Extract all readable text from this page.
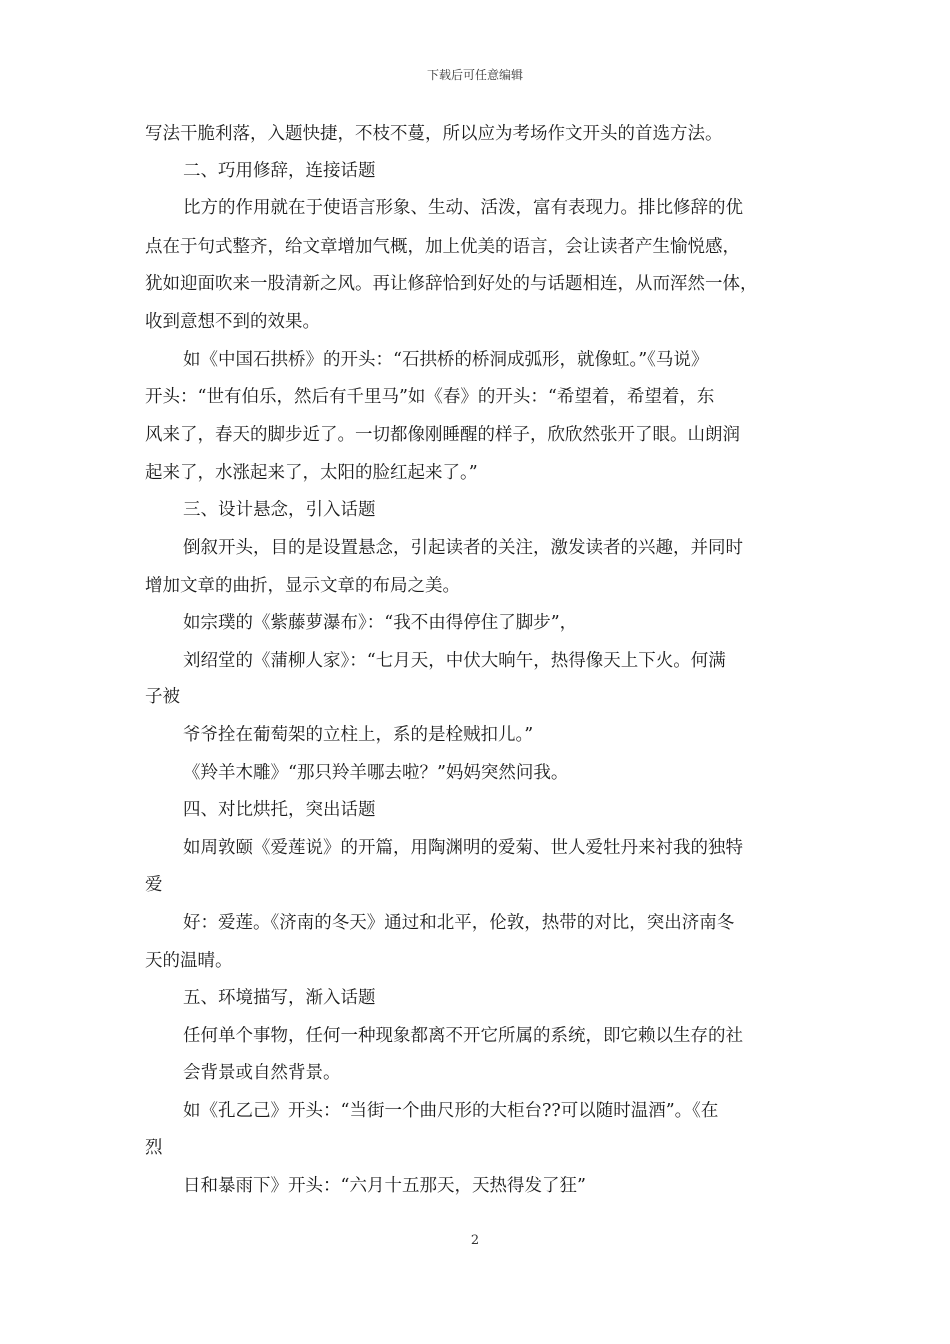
下载后可任意编辑
写法干脆利落，入题快捷，不枝不蔓，所以应为考场作文开头的首选方法。
二、巧用修辞，连接话题
比方的作用就在于使语言形象、生动、活泼，富有表现力。排比修辞的优
点在于句式整齐，给文章增加气概，加上优美的语言，会让读者产生愉悦感，
犹如迎面吹来一股清新之风。再让修辞恰到好处的与话题相连，从而浑然一体，
收到意想不到的效果。
如《中国石拱桥》的开头：“石拱桥的桥洞成弧形，就像虹。”《马说》
开头：“世有伯乐，然后有千里马”如《春》的开头：“希望着，希望着，东
风来了，春天的脚步近了。一切都像刚睡醒的样子，欣欣然张开了眼。山朗润
起来了，水涨起来了，太阳的脸红起来了。”
三、设计悬念，引入话题
倒叙开头，目的是设置悬念，引起读者的关注，激发读者的兴趣，并同时
增加文章的曲折，显示文章的布局之美。
如宗璞的《紫藤萝瀑布》：“我不由得停住了脚步”，
刘绍堂的《蒲柳人家》：“七月天，中伏大晌午，热得像天上下火。何满
子被
爷爷拴在葡萄架的立柱上，系的是栓贼扣儿。”
《羚羊木雕》“那只羚羊哪去啦？”妈妈突然问我。
四、对比烘托，突出话题
如周敦颐《爱莲说》的开篇，用陶渊明的爱菊、世人爱牡丹来衬我的独特
爱
好：爱莲。《济南的冬天》通过和北平，伦敦，热带的对比，突出济南冬
天的温晴。
五、环境描写，渐入话题
任何单个事物，任何一种现象都离不开它所属的系统，即它赖以生存的社
会背景或自然背景。
如《孔乙己》开头：“当街一个曲尺形的大柜台??可以随时温酒”。《在
烈
日和暴雨下》开头：“六月十五那天，天热得发了狂”
2
